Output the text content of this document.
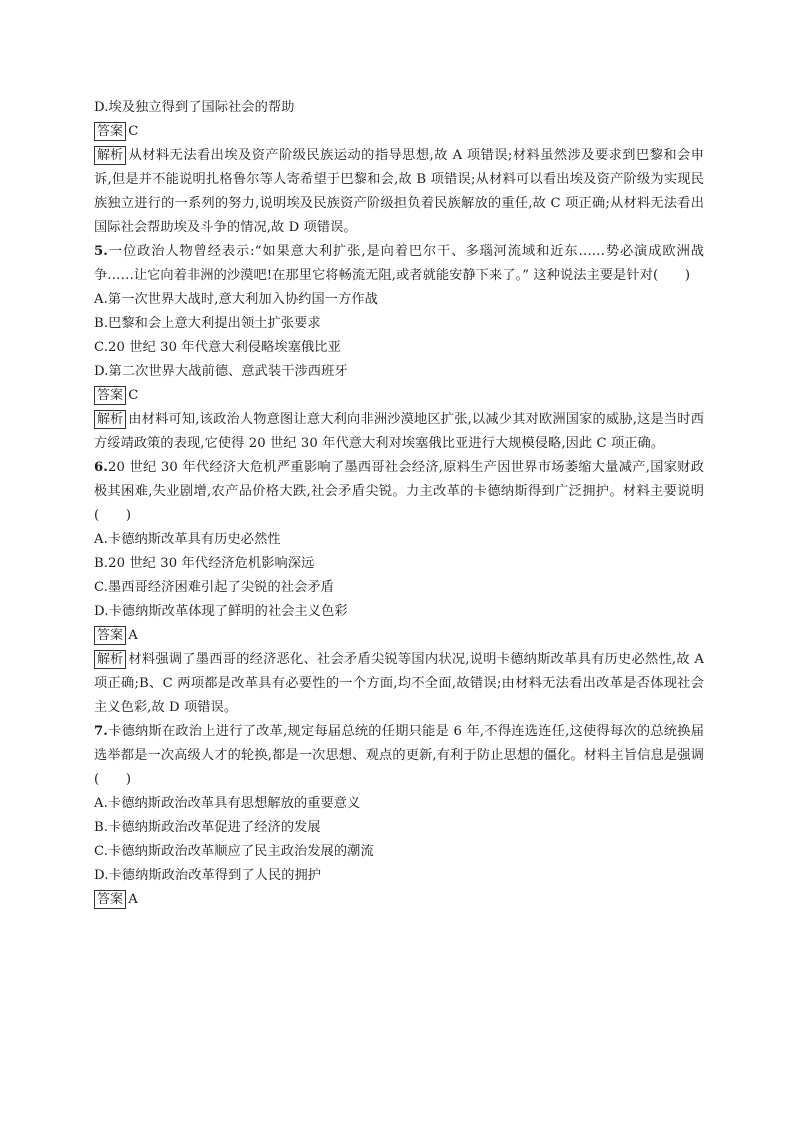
D.埃及独立得到了国际社会的帮助

答案 C

解析 从材料无法看出埃及资产阶级民族运动的指导思想,故 A 项错误;材料虽然涉及要求到巴黎和会申诉,但是并不能说明扎格鲁尔等人寄希望于巴黎和会,故 B 项错误;从材料可以看出埃及资产阶级为实现民族独立进行的一系列的努力,说明埃及民族资产阶级担负着民族解放的重任,故 C 项正确;从材料无法看出国际社会帮助埃及斗争的情况,故 D 项错误。

5.一位政治人物曾经表示:“如果意大利扩张,是向着巴尔干、多瑙河流域和近东……势必演成欧洲战争……让它向着非洲的沙漠吧!在那里它将畅流无阻,或者就能安静下来了。” 这种说法主要是针对(　　)

A.第一次世界大战时,意大利加入协约国一方作战

B.巴黎和会上意大利提出领土扩张要求

C.20 世纪 30 年代意大利侵略埃塞俄比亚

D.第二次世界大战前德、意武装干涉西班牙

答案 C

解析 由材料可知,该政治人物意图让意大利向非洲沙漠地区扩张,以减少其对欧洲国家的威胁,这是当时西方绥靖政策的表现,它使得 20 世纪 30 年代意大利对埃塞俄比亚进行大规模侵略,因此 C 项正确。

6.20 世纪 30 年代经济大危机严重影响了墨西哥社会经济,原料生产因世界市场萎缩大量减产,国家财政极其困难,失业剧增,农产品价格大跌,社会矛盾尖锐。力主改革的卡德纳斯得到广泛拥护。材料主要说明(　　)

A.卡德纳斯改革具有历史必然性

B.20 世纪 30 年代经济危机影响深远

C.墨西哥经济困难引起了尖锐的社会矛盾

D.卡德纳斯改革体现了鲜明的社会主义色彩

答案 A

解析 材料强调了墨西哥的经济恶化、社会矛盾尖锐等国内状况,说明卡德纳斯改革具有历史必然性,故 A 项正确;B、C 两项都是改革具有必要性的一个方面,均不全面,故错误;由材料无法看出改革是否体现社会主义色彩,故 D 项错误。

7.卡德纳斯在政治上进行了改革,规定每届总统的任期只能是 6 年,不得连选连任,这使得每次的总统换届选举都是一次高级人才的轮换,都是一次思想、观点的更新,有利于防止思想的僵化。材料主旨信息是强调(　　)

A.卡德纳斯政治改革具有思想解放的重要意义

B.卡德纳斯政治改革促进了经济的发展

C.卡德纳斯政治改革顺应了民主政治发展的潮流

D.卡德纳斯政治改革得到了人民的拥护

答案 A
